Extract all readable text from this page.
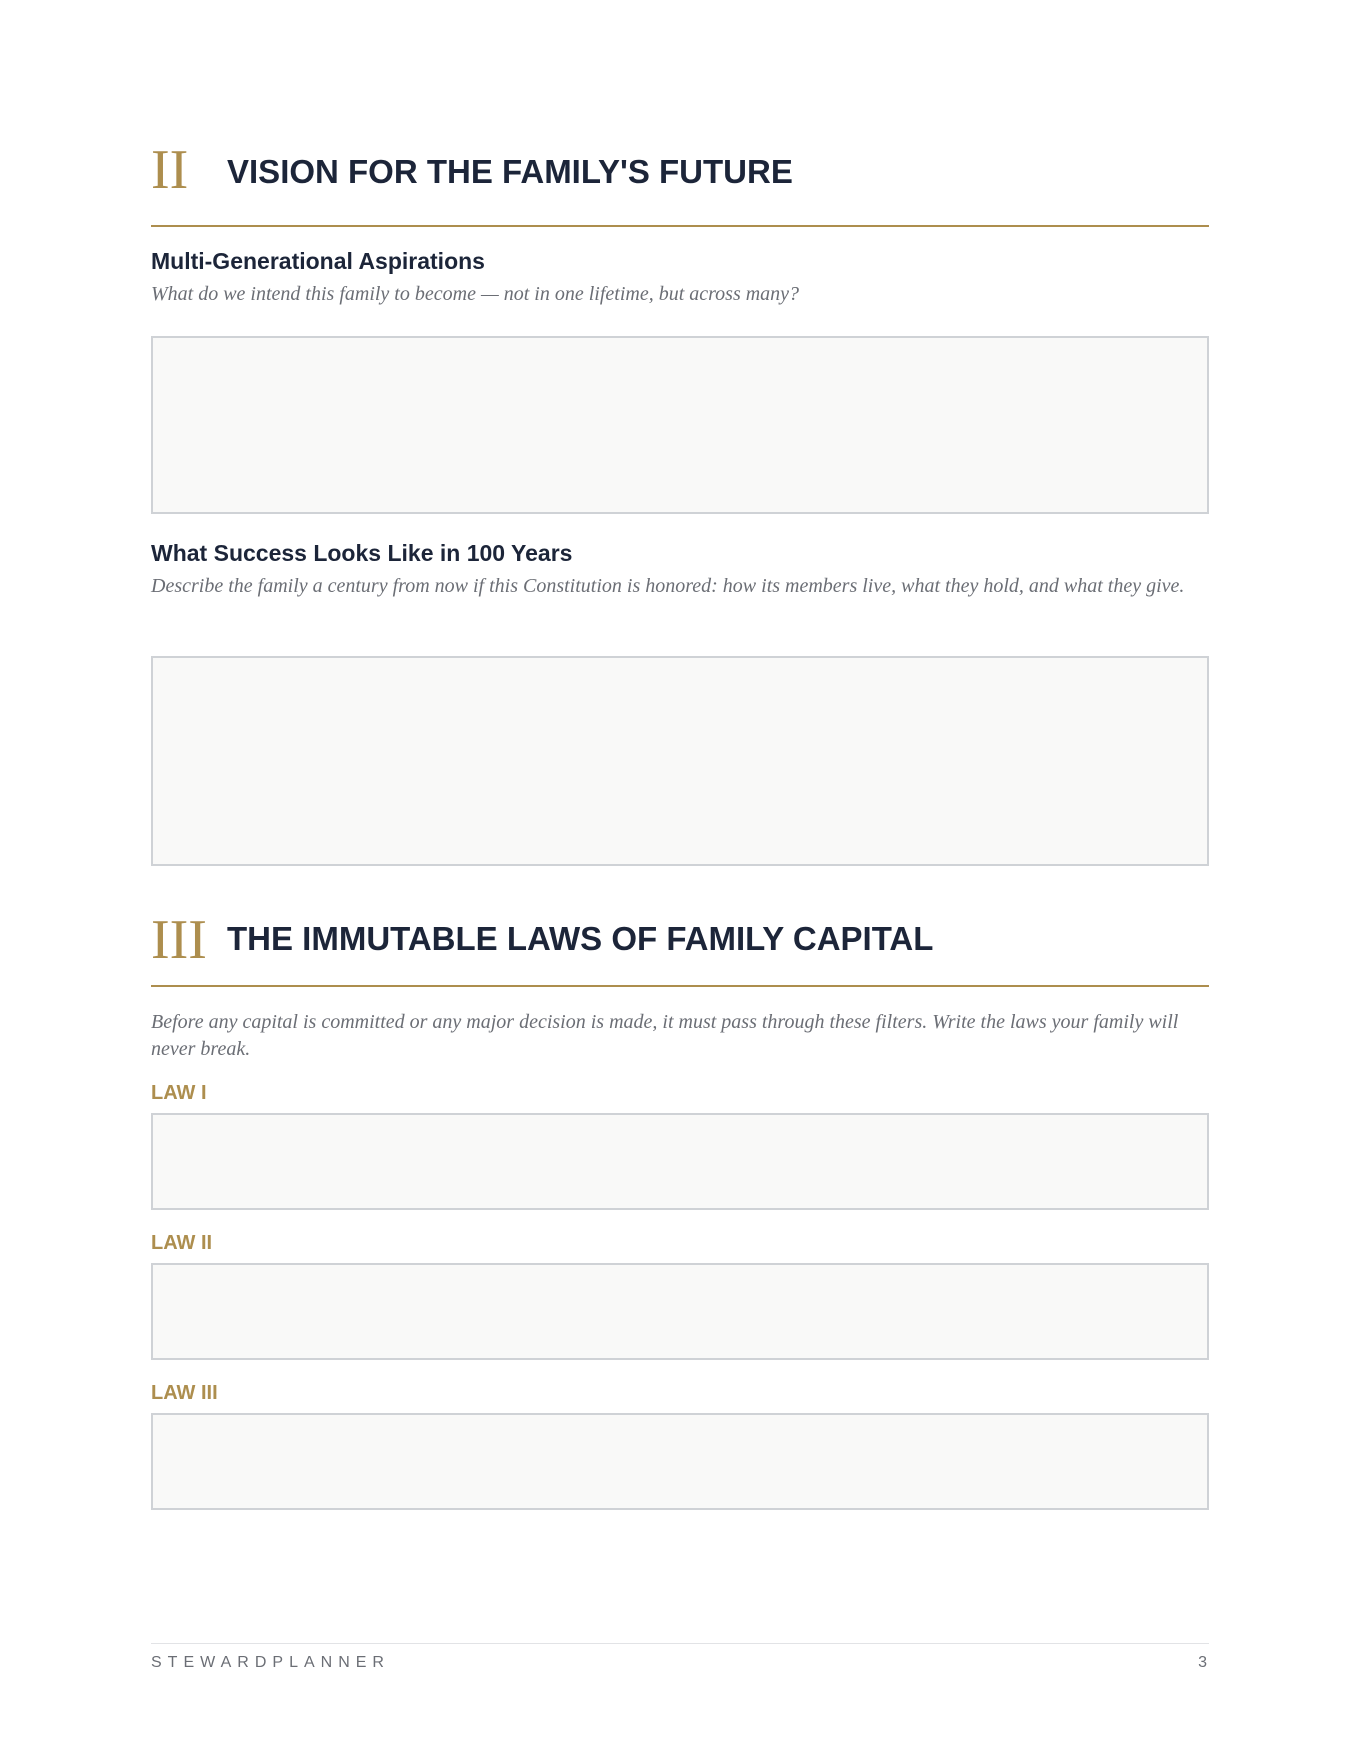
II VISION FOR THE FAMILY'S FUTURE
Multi-Generational Aspirations
What do we intend this family to become — not in one lifetime, but across many?
What Success Looks Like in 100 Years
Describe the family a century from now if this Constitution is honored: how its members live, what they hold, and what they give.
III THE IMMUTABLE LAWS OF FAMILY CAPITAL
Before any capital is committed or any major decision is made, it must pass through these filters. Write the laws your family will never break.
LAW I
LAW II
LAW III
STEWARDPLANNER	3
